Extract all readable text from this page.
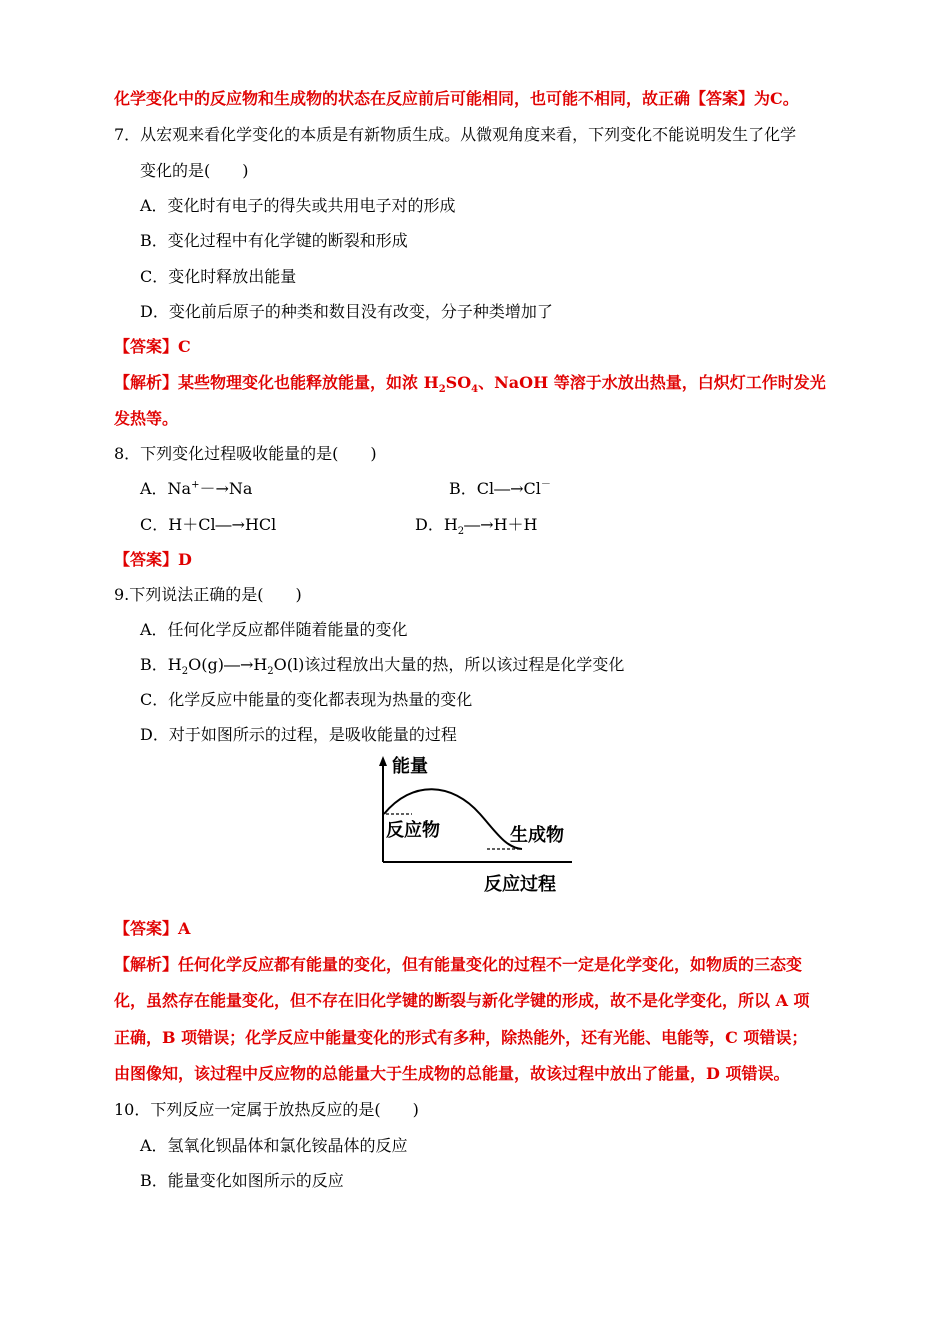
化学变化中的反应物和生成物的状态在反应前后可能相同，也可能不相同，故正确【答案】为C。
7．从宏观来看化学变化的本质是有新物质生成。从微观角度来看，下列变化不能说明发生了化学
变化的是(　　)
A．变化时有电子的得失或共用电子对的形成
B．变化过程中有化学键的断裂和形成
C．变化时释放出能量
D．变化前后原子的种类和数目没有改变，分子种类增加了
【答案】C
【解析】某些物理变化也能释放能量，如浓 $H_2SO_4$、NaOH 等溶于水放出热量，白炽灯工作时发光
发热等。
8．下列变化过程吸收能量的是(　　)
A．Na+－→Na	B．Cl―→Cl－
C．H＋Cl―→HCl	D．$H_2―\to H+H$
【答案】D
9.下列说法正确的是(　　)
A．任何化学反应都伴随着能量的变化
B．$H_2O(g)―\to H_2O(l)$该过程放出大量的热，所以该过程是化学变化
C．化学反应中能量的变化都表现为热量的变化
D．对于如图所示的过程，是吸收能量的过程
能量
反应物	生成物
反应过程
【答案】A
【解析】任何化学反应都有能量的变化，但有能量变化的过程不一定是化学变化，如物质的三态变
化，虽然存在能量变化，但不存在旧化学键的断裂与新化学键的形成，故不是化学变化，所以 A 项
正确，B 项错误；化学反应中能量变化的形式有多种，除热能外，还有光能、电能等，C 项错误；
由图像知，该过程中反应物的总能量大于生成物的总能量，故该过程中放出了能量，D 项错误。
10．下列反应一定属于放热反应的是(　　)
A．氢氧化钡晶体和氯化铵晶体的反应
B．能量变化如图所示的反应
